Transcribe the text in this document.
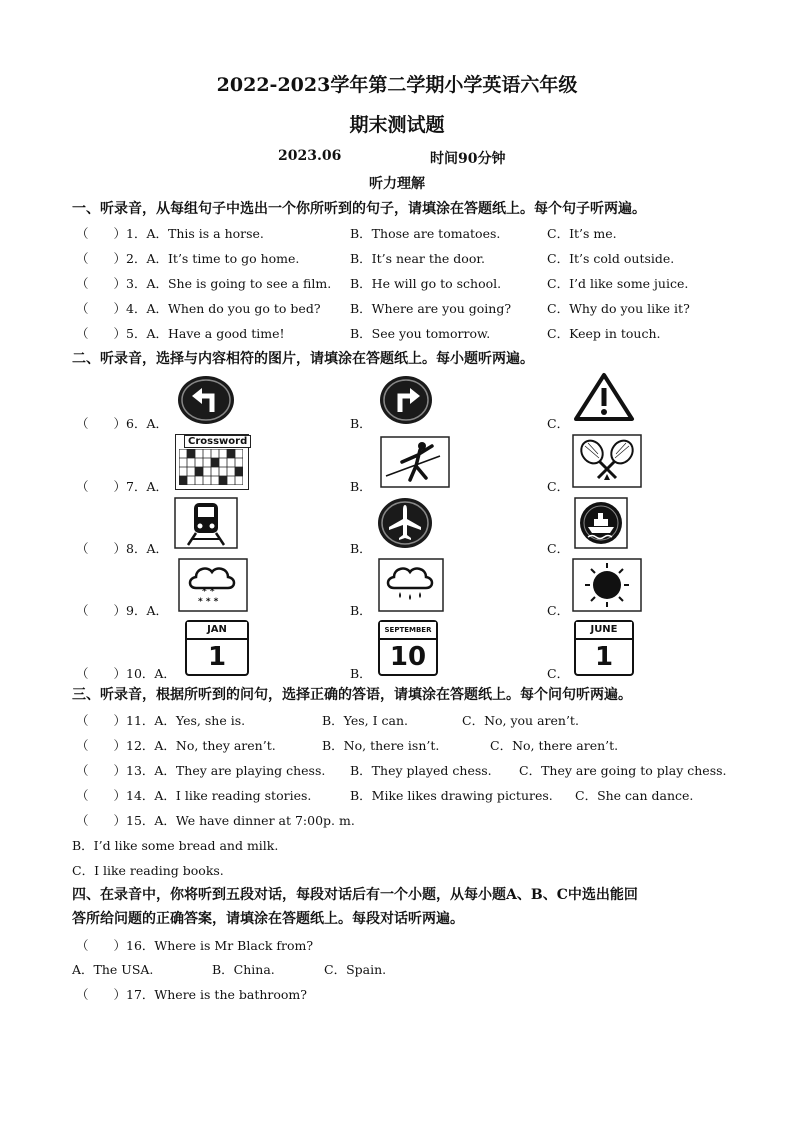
2022-2023学年第二学期小学英语六年级
期末测试题
2023.06	时间90分钟
听力理解
一、听录音，从每组句子中选出一个你所听到的句子，请填涂在答题纸上。每个句子听两遍。
（　　）1．A．This is a horse.	B．Those are tomatoes.	C．It’s me.
（　　）2．A．It’s time to go home.	B．It’s near the door.	C．It’s cold outside.
（　　）3．A．She is going to see a film. B．He will go to school.	C．I’d like some juice.
（　　）4．A．When do you go to bed? B．Where are you going?	C．Why do you like it?
（　　）5．A．Have a good time!	B．See you tomorrow.	C．Keep in touch.
二、听录音，选择与内容相符的图片，请填涂在答题纸上。每小题听两遍。
（　　）6．A．	B．	C．
（　　）7．A．	B．	C．
Crossword
（　　）8．A．	B．	C．
（　　）9．A．	B．	C．
* *
* * *
（　　）10．A．	B．	C．
JAN
1
SEPTEMBER
10
JUNE
1
三、听录音，根据所听到的问句，选择正确的答语，请填涂在答题纸上。每个问句听两遍。
（　　）11．A．Yes, she is.	B．Yes, I can.	C．No, you aren’t.
（　　）12．A．No, they aren’t.	B．No, there isn’t.	C．No, there aren’t.
（　　）13．A．They are playing chess. B．They played chess. C．They are going to play chess.
（　　）14．A．I like reading stories.	B．Mike likes drawing pictures. C．She can dance.
（　　）15．A．We have dinner at 7:00p. m.
B．I’d like some bread and milk.
C．I like reading books.
四、在录音中，你将听到五段对话，每段对话后有一个小题，从每小题A、B、C中选出能回
答所给问题的正确答案，请填涂在答题纸上。每段对话听两遍。
（　　）16．Where is Mr Black from?
A．The USA.	B．China.	C．Spain.
（　　）17．Where is the bathroom?
